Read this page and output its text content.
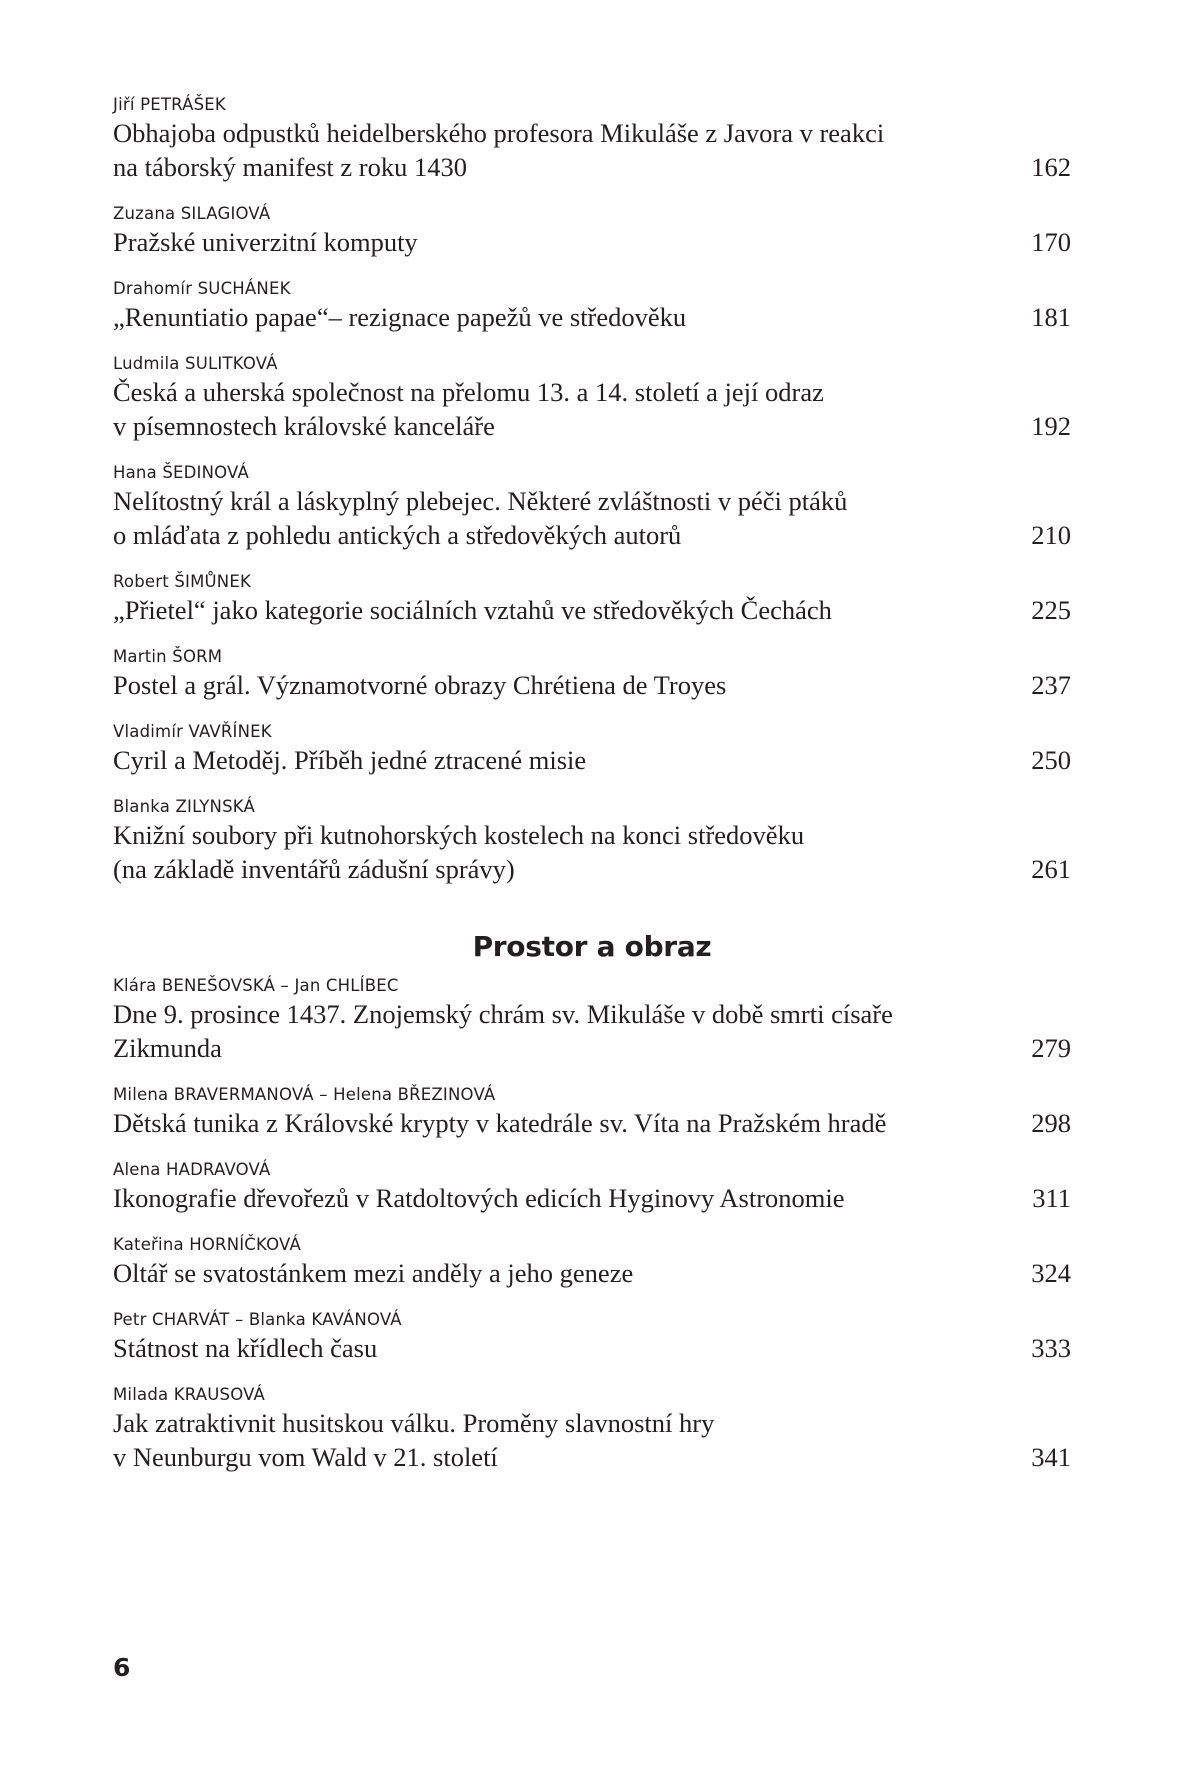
Jiří PETRÁŠEK
Obhajoba odpustků heidelberského profesora Mikuláše z Javora v reakci
na táborský manifest z roku 1430	162
Zuzana SILAGIOVÁ
Pražské univerzitní komputy	170
Drahomír SUCHÁNEK
„Renuntiatio papae“– rezignace papežů ve středověku	181
Ludmila SULITKOVÁ
Česká a uherská společnost na přelomu 13. a 14. století a její odraz
v písemnostech královské kanceláře	192
Hana ŠEDINOVÁ
Nelítostný král a láskyplný plebejec. Některé zvláštnosti v péči ptáků
o mláďata z pohledu antických a středověkých autorů	210
Robert ŠIMŮNEK
„Přietel“ jako kategorie sociálních vztahů ve středověkých Čechách	225
Martin ŠORM
Postel a grál. Významotvorné obrazy Chrétiena de Troyes	237
Vladimír VAVŘÍNEK
Cyril a Metoděj. Příběh jedné ztracené misie	250
Blanka ZILYNSKÁ
Knižní soubory při kutnohorských kostelech na konci středověku
(na základě inventářů zádušní správy)	261
Prostor a obraz
Klára BENEŠOVSKÁ – Jan CHLÍBEC
Dne 9. prosince 1437. Znojemský chrám sv. Mikuláše v době smrti císaře
Zikmunda	279
Milena BRAVERMANOVÁ – Helena BŘEZINOVÁ
Dětská tunika z Královské krypty v katedrále sv. Víta na Pražském hradě	298
Alena HADRAVOVÁ
Ikonografie dřevořezů v Ratdoltových edicích Hyginovy Astronomie	311
Kateřina HORNÍČKOVÁ
Oltář se svatostánkem mezi anděly a jeho geneze	324
Petr CHARVÁT – Blanka KAVÁNOVÁ
Státnost na křídlech času	333
Milada KRAUSOVÁ
Jak zatraktivnit husitskou válku. Proměny slavnostní hry
v Neunburgu vom Wald v 21. století	341
6
